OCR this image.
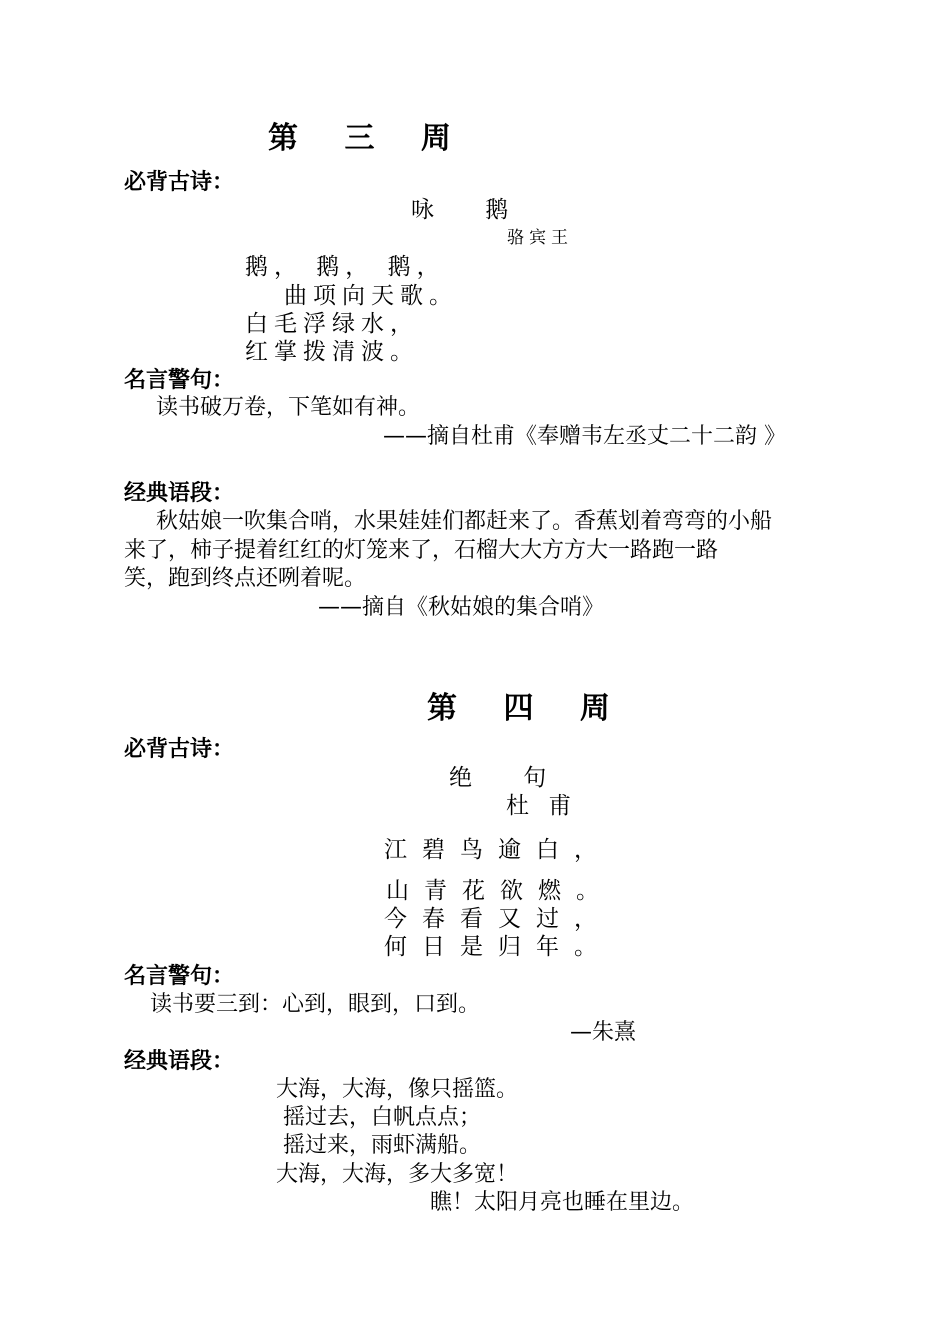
第 三 周
必背古诗：
咏 鹅
骆宾王
鹅， 鹅， 鹅，
曲项向天歌。
白毛浮绿水，
红掌拨清波。
名言警句：
读书破万卷，下笔如有神。
——摘自杜甫《奉赠韦左丞丈二十二韵 》
经典语段：
秋姑娘一吹集合哨，水果娃娃们都赶来了。香蕉划着弯弯的小船
来了，柿子提着红红的灯笼来了，石榴大大方方大一路跑一路
笑，跑到终点还咧着呢。
——摘自《秋姑娘的集合哨》
第 四 周
必背古诗：
绝 句
杜 甫
江碧鸟逾白，
山青花欲燃。
今春看又过，
何日是归年。
名言警句：
读书要三到：心到，眼到，口到。
—朱熹
经典语段：
大海，大海，像只摇篮。
摇过去，白帆点点；
摇过来，雨虾满船。
大海，大海，多大多宽！
瞧！太阳月亮也睡在里边。
